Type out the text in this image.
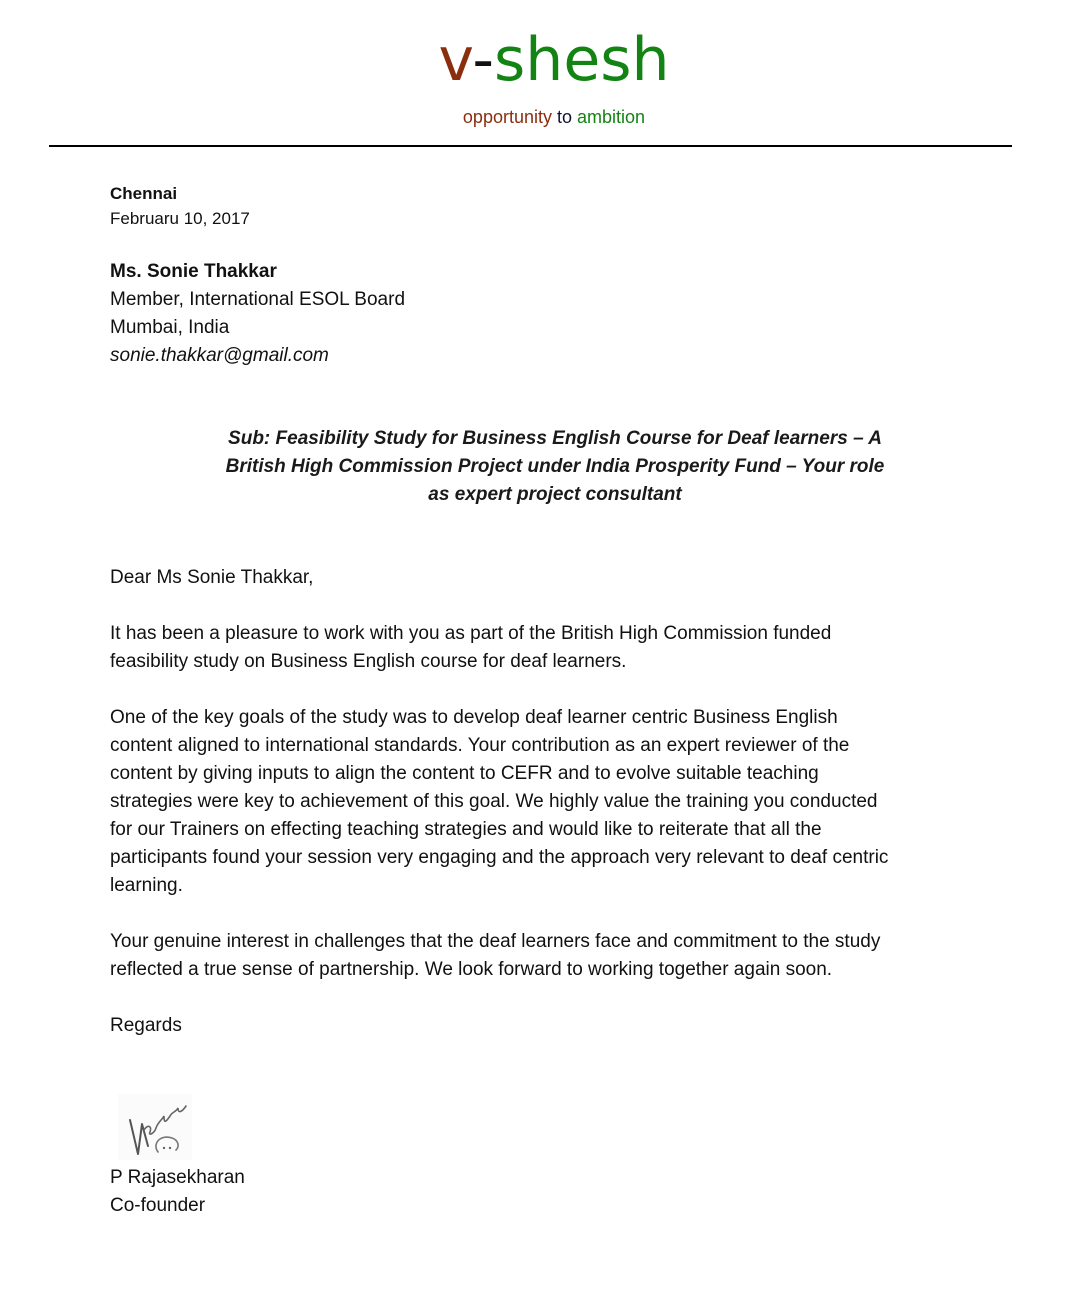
v-shesh
opportunity to ambition
Chennai
Februaru 10, 2017
Ms. Sonie Thakkar
Member, International ESOL Board
Mumbai, India
sonie.thakkar@gmail.com
Sub: Feasibility Study for Business English Course for Deaf learners – A
British High Commission Project under India Prosperity Fund – Your role
as expert project consultant

Dear Ms Sonie Thakkar,

It has been a pleasure to work with you as part of the British High Commission funded feasibility study on Business English course for deaf learners.

One of the key goals of the study was to develop deaf learner centric Business English content aligned to international standards. Your contribution as an expert reviewer of the content by giving inputs to align the content to CEFR and to evolve suitable teaching strategies were key to achievement of this goal. We highly value the training you conducted for our Trainers on effecting teaching strategies and would like to reiterate that all the participants found your session very engaging and the approach very relevant to deaf centric learning.

Your genuine interest in challenges that the deaf learners face and commitment to the study reflected a true sense of partnership. We look forward to working together again soon.

Regards

P Rajasekharan
Co-founder
